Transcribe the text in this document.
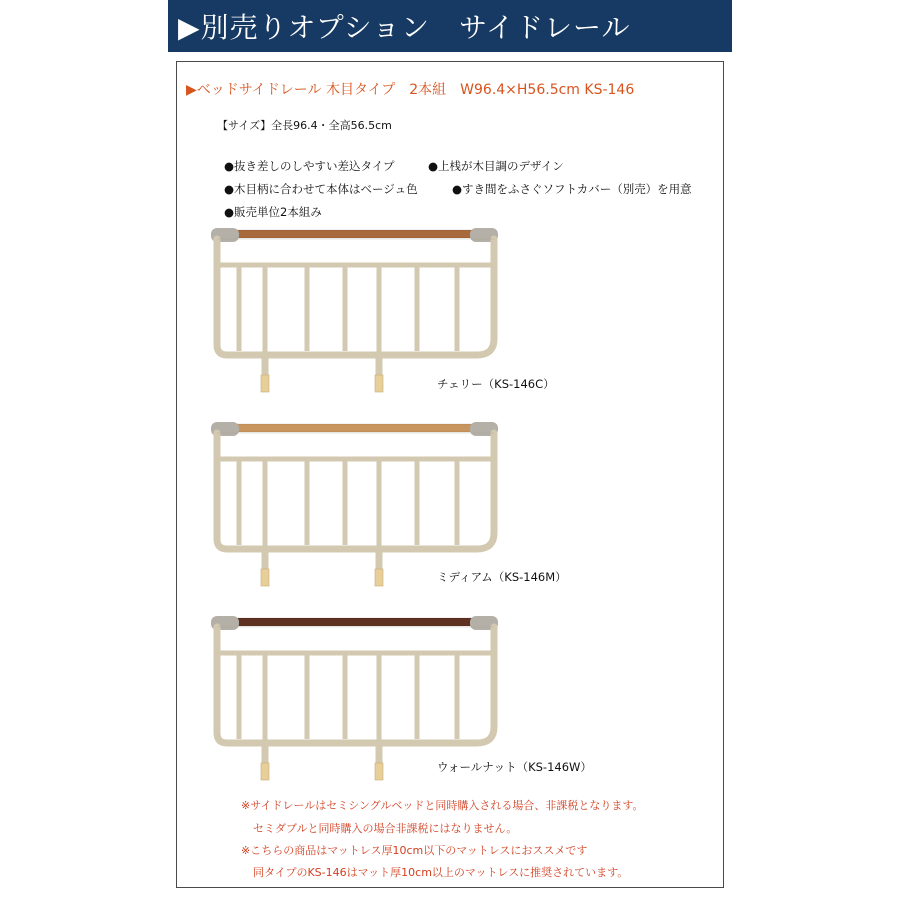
▶別売りオプション　サイドレール
▶ベッドサイドレール 木目タイプ　2本組　W96.4×H56.5cm KS-146
【サイズ】全長96.4・全高56.5cm
●抜き差しのしやすい差込タイプ	●上桟が木目調のデザイン
●木目柄に合わせて本体はベージュ色	●すき間をふさぐソフトカバー（別売）を用意
●販売単位2本組み
チェリー（KS-146C）
ミディアム（KS-146M）
ウォールナット（KS-146W）
※サイドレールはセミシングルベッドと同時購入される場合、非課税となります。
セミダブルと同時購入の場合非課税にはなりません。
※こちらの商品はマットレス厚10cm以下のマットレスにおススメです
同タイプのKS-146はマット厚10cm以上のマットレスに推奨されています。
